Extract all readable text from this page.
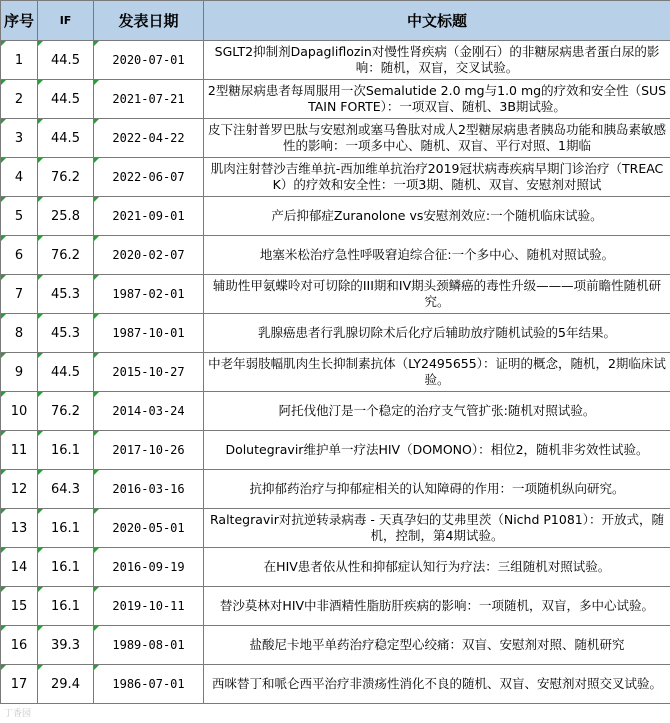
序号	IF	发表日期	中文标题
1	44.5	2020-07-01	SGLT2抑制剂Dapagliflozin对慢性肾疾病（金刚石）的非糖尿病患者蛋白尿的影响：随机，双盲，交叉试验。
2	44.5	2021-07-21	2型糖尿病患者每周服用一次Semalutide 2.0 mg与1.0 mg的疗效和安全性（SUSTAIN FORTE）：一项双盲、随机、3B期试验。
3	44.5	2022-04-22	皮下注射普罗巴肽与安慰剂或塞马鲁肽对成人2型糖尿病患者胰岛功能和胰岛素敏感性的影响：一项多中心、随机、双盲、平行对照、1期临
4	76.2	2022-06-07	肌肉注射替沙吉维单抗-西加维单抗治疗2019冠状病毒疾病早期门诊治疗（TREACK）的疗效和安全性：一项3期、随机、双盲、安慰剂对照试
5	25.8	2021-09-01	产后抑郁症Zuranolone vs安慰剂效应:一个随机临床试验。
6	76.2	2020-02-07	地塞米松治疗急性呼吸窘迫综合征:一个多中心、随机对照试验。
7	45.3	1987-02-01	辅助性甲氨蝶呤对可切除的III期和IV期头颈鳞癌的毒性升级———项前瞻性随机研究。
8	45.3	1987-10-01	乳腺癌患者行乳腺切除术后化疗后辅助放疗随机试验的5年结果。
9	44.5	2015-10-27	中老年弱肢幅肌肉生长抑制素抗体（LY2495655）：证明的概念，随机，2期临床试验。
10	76.2	2014-03-24	阿托伐他汀是一个稳定的治疗支气管扩张:随机对照试验。
11	16.1	2017-10-26	Dolutegravir维护单一疗法HIV（DOMONO）：相位2，随机非劣效性试验。
12	64.3	2016-03-16	抗抑郁药治疗与抑郁症相关的认知障碍的作用：一项随机纵向研究。
13	16.1	2020-05-01	Raltegravir对抗逆转录病毒 - 天真孕妇的艾弗里茨（Nichd P1081）：开放式，随机，控制，第4期试验。
14	16.1	2016-09-19	在HIV患者依从性和抑郁症认知行为疗法：三组随机对照试验。
15	16.1	2019-10-11	替沙莫林对HIV中非酒精性脂肪肝疾病的影响：一项随机，双盲，多中心试验。
16	39.3	1989-08-01	盐酸尼卡地平单药治疗稳定型心绞痛：双盲、安慰剂对照、随机研究
17	29.4	1986-07-01	西咪替丁和哌仑西平治疗非溃疡性消化不良的随机、双盲、安慰剂对照交叉试验。
丁香园
